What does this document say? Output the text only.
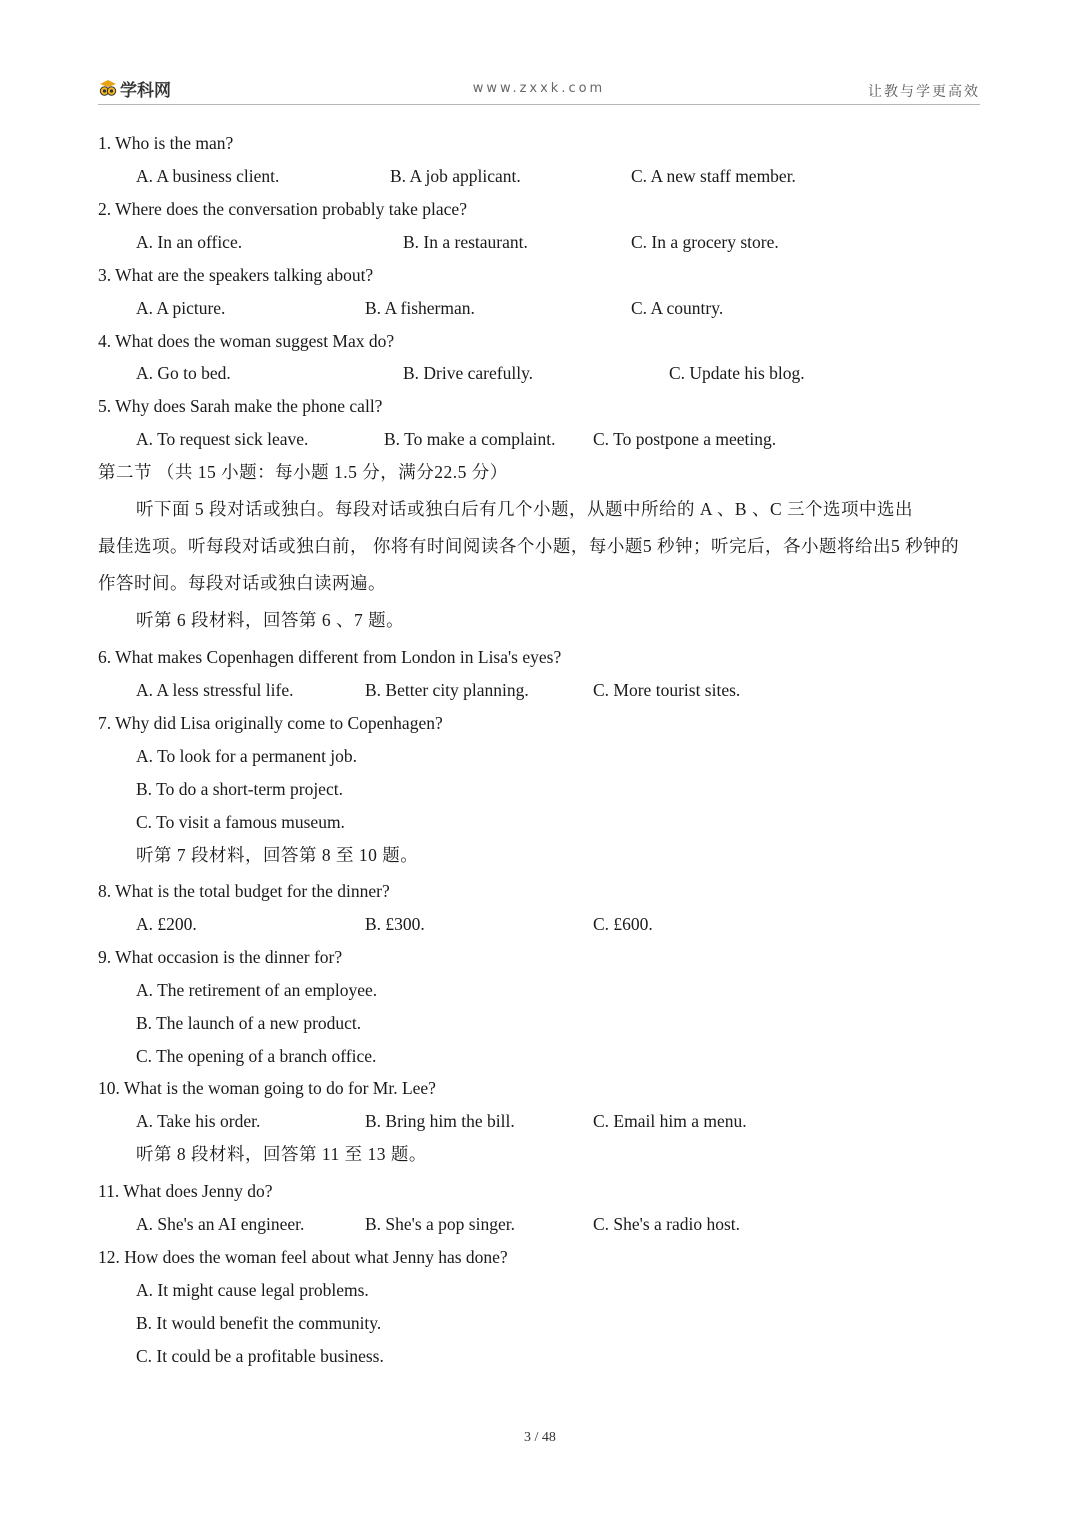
学科网	www.zxxk.com	让教与学更高效
1. Who is the man?
A. A business client.	B. A job applicant.	C. A new staff member.
2. Where does the conversation probably take place?
A. In an office.	B. In a restaurant.	C. In a grocery store.
3. What are the speakers talking about?
A. A picture.	B. A fisherman.	C. A country.
4. What does the woman suggest Max do?
A. Go to bed.	B. Drive carefully.	C. Update his blog.
5. Why does Sarah make the phone call?
A. To request sick leave.	B. To make a complaint. C. To postpone a meeting.
第二节 （共 15 小题：每小题 1.5 分，满分22.5 分）
听下面 5 段对话或独白。每段对话或独白后有几个小题，从题中所给的 A 、B 、C 三个选项中选出
最佳选项。听每段对话或独白前， 你将有时间阅读各个小题，每小题5 秒钟；听完后，各小题将给出5 秒钟的
作答时间。每段对话或独白读两遍。
听第 6 段材料，回答第 6 、7 题。
6. What makes Copenhagen different from London in Lisa's eyes?
A. A less stressful life.	B. Better city planning.	C. More tourist sites.
7. Why did Lisa originally come to Copenhagen?
A. To look for a permanent job.
B. To do a short-term project.
C. To visit a famous museum.
听第 7 段材料，回答第 8 至 10 题。
8. What is the total budget for the dinner?
A. £200.	B. £300.	C. £600.
9. What occasion is the dinner for?
A. The retirement of an employee.
B. The launch of a new product.
C. The opening of a branch office.
10. What is the woman going to do for Mr. Lee?
A. Take his order.	B. Bring him the bill.	C. Email him a menu.
听第 8 段材料，回答第 11 至 13 题。
11. What does Jenny do?
A. She's an AI engineer.	B. She's a pop singer.	C. She's a radio host.
12. How does the woman feel about what Jenny has done?
A. It might cause legal problems.
B. It would benefit the community.
C. It could be a profitable business.
3 / 48
